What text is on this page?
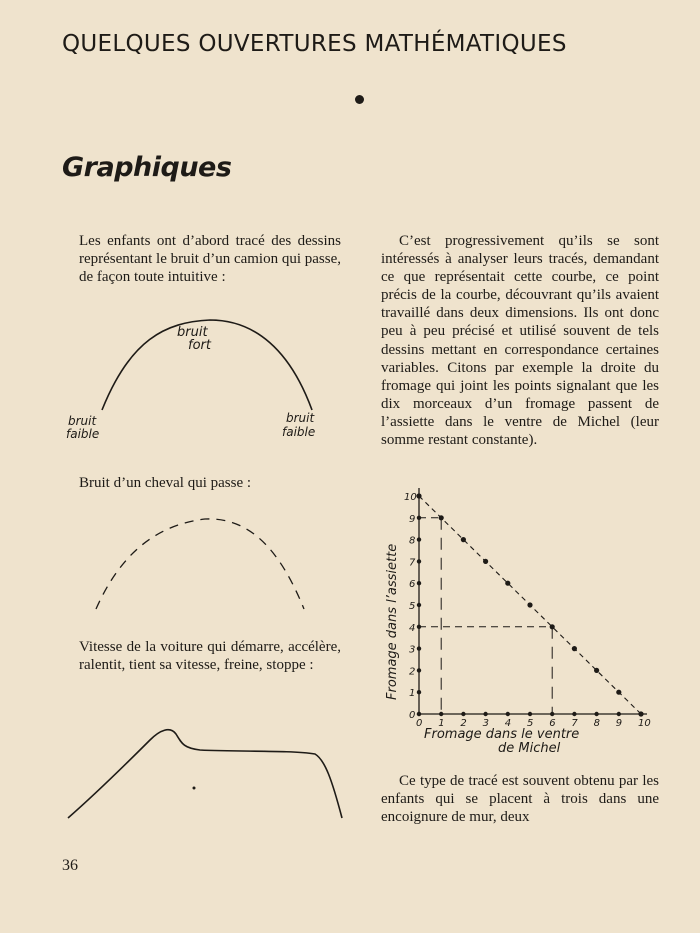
QUELQUES OUVERTURES MATHÉMATIQUES
Graphiques

Les enfants ont d’abord tracé des dessins représentant le bruit d’un camion qui passe, de façon toute intuitive :

bruit
fort
bruit
faible
bruit
faible

Bruit d’un cheval qui passe :

Vitesse de la voiture qui démarre, accélère, ralentit, tient sa vitesse, freine, stoppe :

C’est progressivement qu’ils se sont intéressés à analyser leurs tracés, demandant ce que représentait cette courbe, ce point précis de la courbe, découvrant qu’ils avaient travaillé dans deux dimensions. Ils ont donc peu à peu précisé et utilisé souvent de tels dessins mettant en correspondance certaines variables. Citons par exemple la droite du fromage qui joint les points signalant que les dix morceaux d’un fromage passent de l’assiette dans le ventre de Michel (leur somme restant constante).

0 1 2 3 4 5 6 7 8 9 10
0
1
2
3
4
5
6
7
8
9
10
Fromage dans le ventre
de Michel
Fromage dans l’assiette

Ce type de tracé est souvent obtenu par les enfants qui se placent à trois dans une encoignure de mur, deux

36
